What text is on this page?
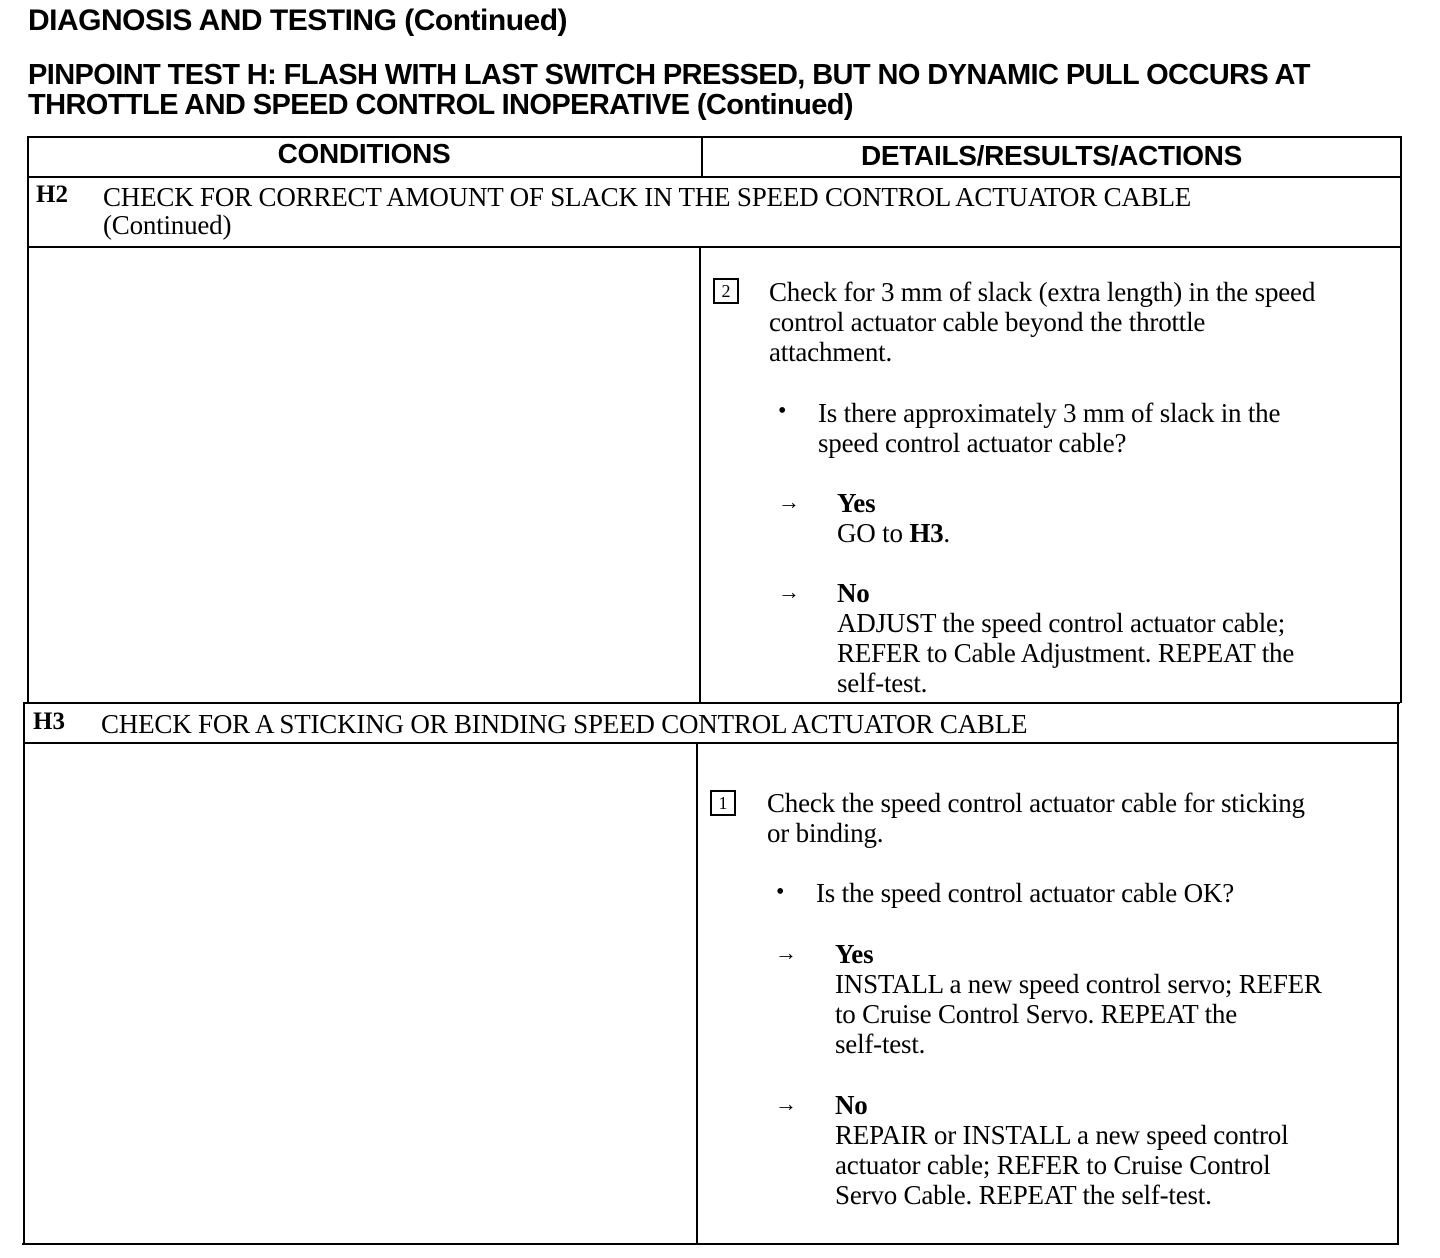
DIAGNOSIS AND TESTING (Continued)
PINPOINT TEST H: FLASH WITH LAST SWITCH PRESSED, BUT NO DYNAMIC PULL OCCURS AT
THROTTLE AND SPEED CONTROL INOPERATIVE (Continued)
CONDITIONS	DETAILS/RESULTS/ACTIONS
H2 CHECK FOR CORRECT AMOUNT OF SLACK IN THE SPEED CONTROL ACTUATOR CABLE
(Continued)
2	Check for 3 mm of slack (extra length) in the speed
control actuator cable beyond the throttle
attachment.
• Is there approximately 3 mm of slack in the
speed control actuator cable?
→ Yes
GO to H3.
→ No
ADJUST the speed control actuator cable;
REFER to Cable Adjustment. REPEAT the
self-test.
H3 CHECK FOR A STICKING OR BINDING SPEED CONTROL ACTUATOR CABLE
1	Check the speed control actuator cable for sticking
or binding.
• Is the speed control actuator cable OK?
→ Yes
INSTALL a new speed control servo; REFER
to Cruise Control Servo. REPEAT the
self-test.
→ No
REPAIR or INSTALL a new speed control
actuator cable; REFER to Cruise Control
Servo Cable. REPEAT the self-test.
